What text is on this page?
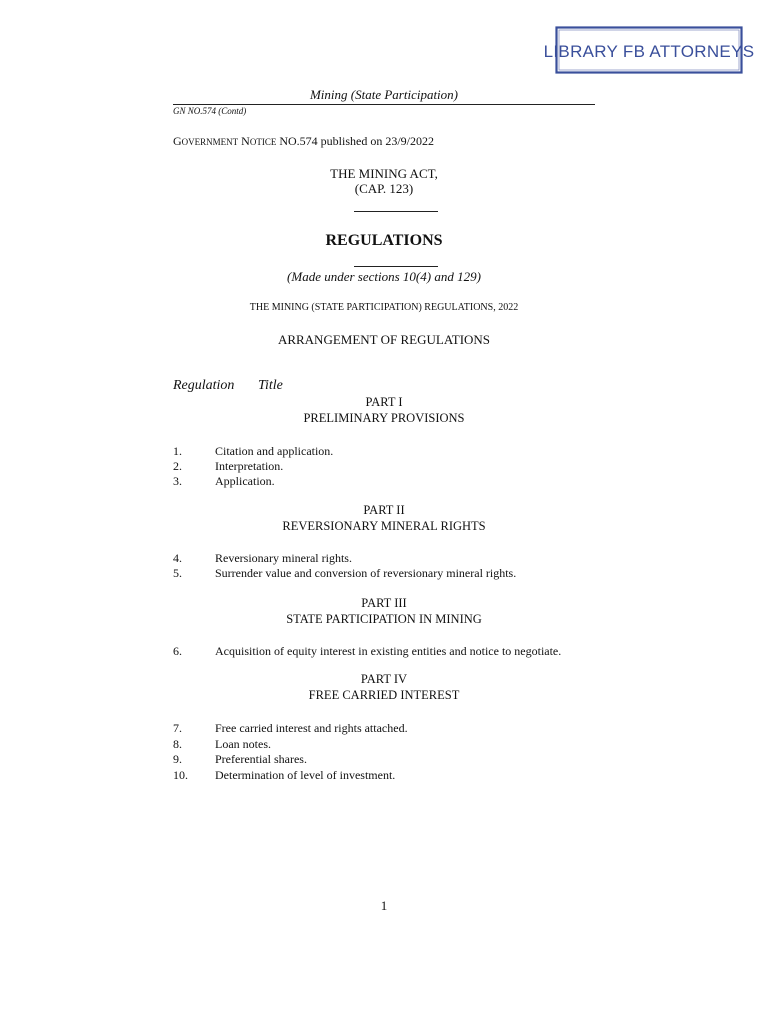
LIBRARY FB ATTORNEYS
Mining (State Participation)
GN NO.574 (Contd)
GOVERNMENT NOTICE NO.574 published on 23/9/2022
THE MINING ACT,
(CAP. 123)
REGULATIONS
(Made under sections 10(4) and 129)
THE MINING (STATE PARTICIPATION) REGULATIONS, 2022
ARRANGEMENT OF REGULATIONS
Regulation Title
PART I
PRELIMINARY PROVISIONS
1.	Citation and application.
2.	Interpretation.
3.	Application.
PART II
REVERSIONARY MINERAL RIGHTS
4.	Reversionary mineral rights.
5.	Surrender value and conversion of reversionary mineral rights.
PART III
STATE PARTICIPATION IN MINING
6.	Acquisition of equity interest in existing entities and notice to negotiate.
PART IV
FREE CARRIED INTEREST
7.	Free carried interest and rights attached.
8.	Loan notes.
9.	Preferential shares.
10. Determination of level of investment.
1
